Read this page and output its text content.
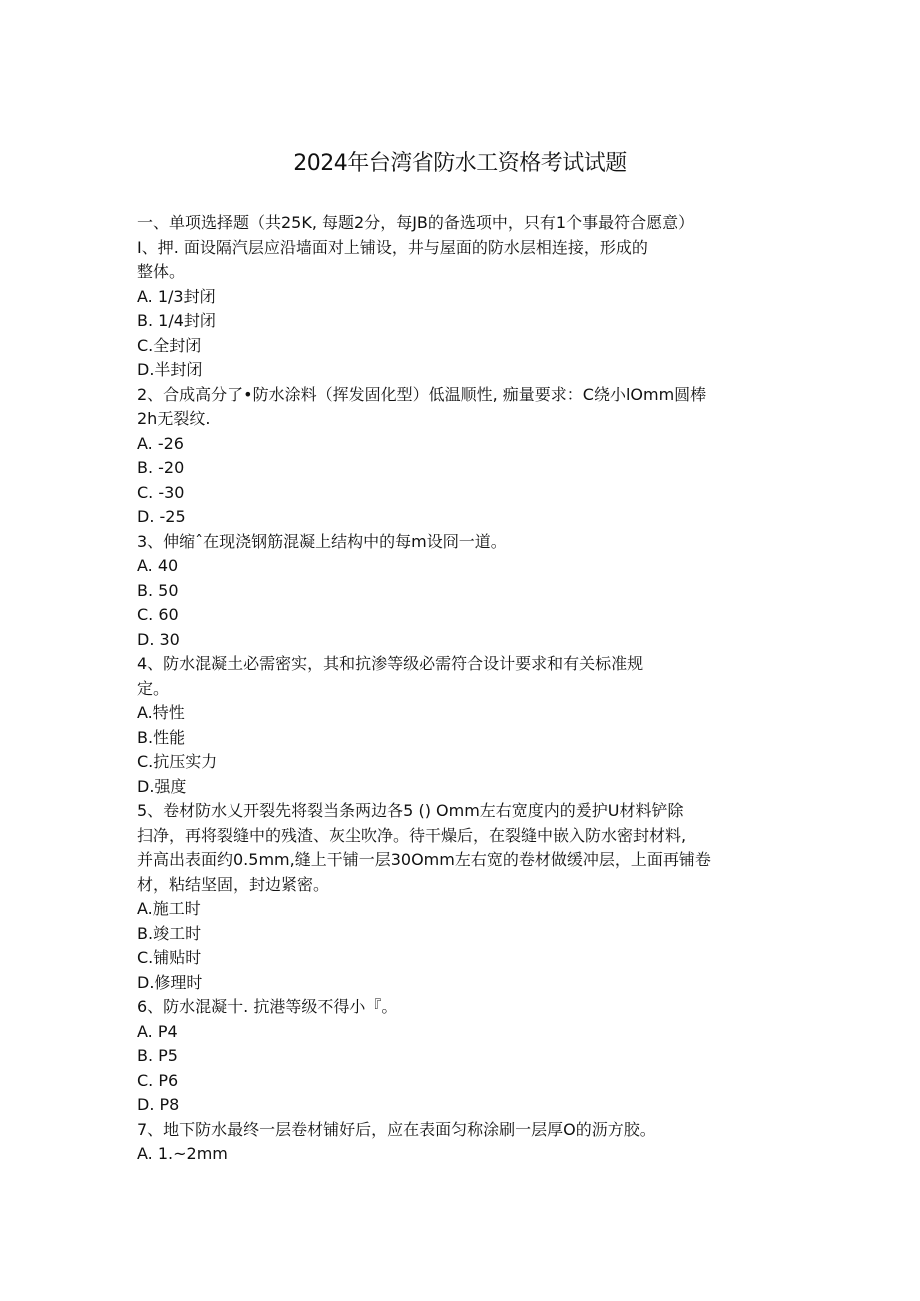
2024年台湾省防水工资格考试试题
一、单项选择题（共25K, 每题2分，每JB的备选项中，只有1个事最符合愿意）
I、押. 面设隔汽层应沿墙面对上铺设，井与屋面的防水层相连接，形成的
整体。
A. 1/3封闭
B. 1/4封闭
C.全封闭
D.半封闭
2、合成高分了•防水涂料（挥发固化型）低温顺性, 痂量要求：C绕小lOmm圆棒
2h无裂纹.
A. -26
B. -20
C. -30
D. -25
3、伸缩ˆ在现浇钢筋混凝上结构中的每m设冏一道。
A. 40
B. 50
C. 60
D. 30
4、防水混凝土必需密实，其和抗渗等级必需符合设计要求和有关标准规
定。
A.特性
B.性能
C.抗压实力
D.强度
5、卷材防水乂开裂先将裂当条两边各5 () Omm左右宽度内的爰护U材料铲除
扫净，再将裂缝中的残渣、灰尘吹净。待干燥后，在裂缝中嵌入防水密封材料,
并高出表面约0.5mm,缝上干铺一层30Omm左右宽的卷材做缓冲层，上面再铺卷
材，粘结坚固，封边紧密。
A.施工时
B.竣工时
C.铺贴时
D.修理时
6、防水混凝十. 抗港等级不得小『。
A. P4
B. P5
C. P6
D. P8
7、地下防水最终一层卷材铺好后，应在表面匀称涂刷一层厚O的沥方胶。
A. 1.~2mm
